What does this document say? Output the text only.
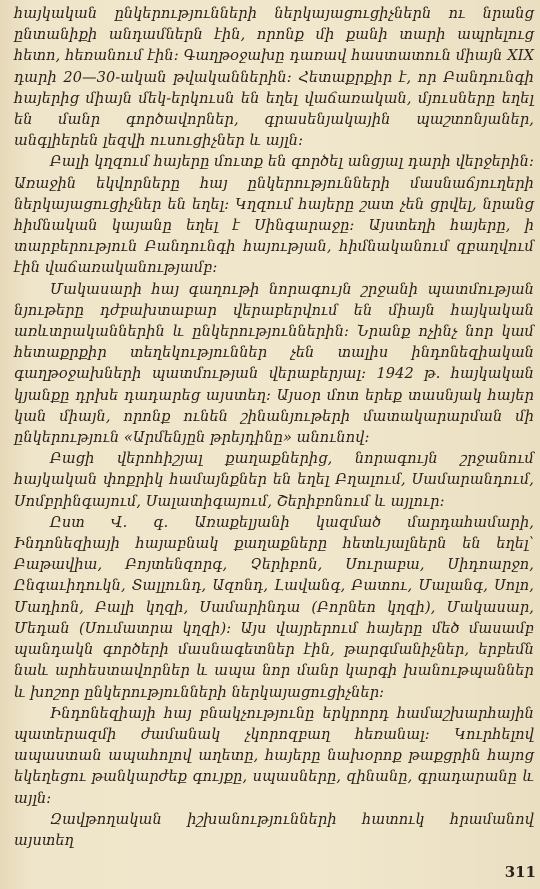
հայկական ընկերությունների ներկայացուցիչներն ու նրանց ընտանիքի անդամներն էին, որոնք մի քանի տարի ապրելուց հետո, հեռանում էին։ Գաղթօջախը դառավ հաստատուն միայն XIX դարի 20—30-ական թվականներին։ Հետաքրքիր է, որ Բանդունգի հայերից միայն մեկ-երկուսն են եղել վաճառական, մյուսները եղել են մանր գործավորներ, գրասենյակային պաշտոնյաներ, անգլիերեն լեզվի ուսուցիչներ և այլն։

Բալի կղզում հայերը մուտք են գործել անցյալ դարի վերջերին։ Առաջին եկվորները հայ ընկերությունների մասնաճյուղերի ներկայացուցիչներ են եղել։ Կղզում հայերը շատ չեն ցրվել, նրանց հիմնական կայանը եղել է Սինգարաջը։ Այստեղի հայերը, ի տարբերություն Բանդունգի հայության, հիմնականում զբաղվում էին վաճառականությամբ։

Մակասարի հայ գաղութի նորագույն շրջանի պատմության նյութերը դժբախտաբար վերաբերվում են միայն հայկական առևտրականներին և ընկերություններին։ Նրանք ոչինչ նոր կամ հետաքրքիր տեղեկություններ չեն տալիս ինդոնեզիական գաղթօջախների պատմության վերաբերյալ։ 1942 թ. հայկական կյանքը դրխե դադարեց այստեղ։ Այսօր մոտ երեք տասնյակ հայեր կան միայն, որոնք ունեն շինանյութերի մատակարարման մի ընկերություն «Արմենյըն թրեյդինը» անունով։

Բացի վերոհիշյալ քաղաքներից, նորագույն շրջանում հայկական փոքրիկ համայնքներ են եղել Բղալում, Սամարանդում, Սոմբրինգայում, Սալատիգայում, Շերիբոնում և այլուր։

Ըստ Վ. գ. Առաքելյանի կազմած մարդահամարի, Ինդոնեզիայի հայաբնակ քաղաքները հետևյալներն են եղել՝ Բաթավիա, Բոյտենզորգ, Չերիբոն, Սուրաբա, Սիդոարջո, Ընգաւիդուկն, Տալլունդ, Ազոնդ, Լավանգ, Բատու, Մալանգ, Սոլո, Մադիոն, Բալի կղզի, Սամարինդա (Բորնեո կղզի), Մակասար, Մեդան (Սումատրա կղզի)։ Այս վայրերում հայերը մեծ մասամբ պանդակն գործերի մասնագետներ էին, թարգմանիչներ, երբեմն նաև արհեստավորներ և ապա նոր մանր կարգի խանութպաններ և խոշոր ընկերությունների ներկայացուցիչներ։

Ինդոնեզիայի հայ բնակչությունը երկրորդ համաշխարհային պատերազմի ժամանակ չկորոզբաղ հեռանալ։ Կուրհելով ապաստան ապահոլով աղետը, հայերը նախօրոք թաքցրին հայոց եկեղեցու թանկարժեք գույքը, սպասները, զինանը, գրադարանը և այլն։

Զավթողական իշխանությունների հատուկ հրամանով այստեղ

311
